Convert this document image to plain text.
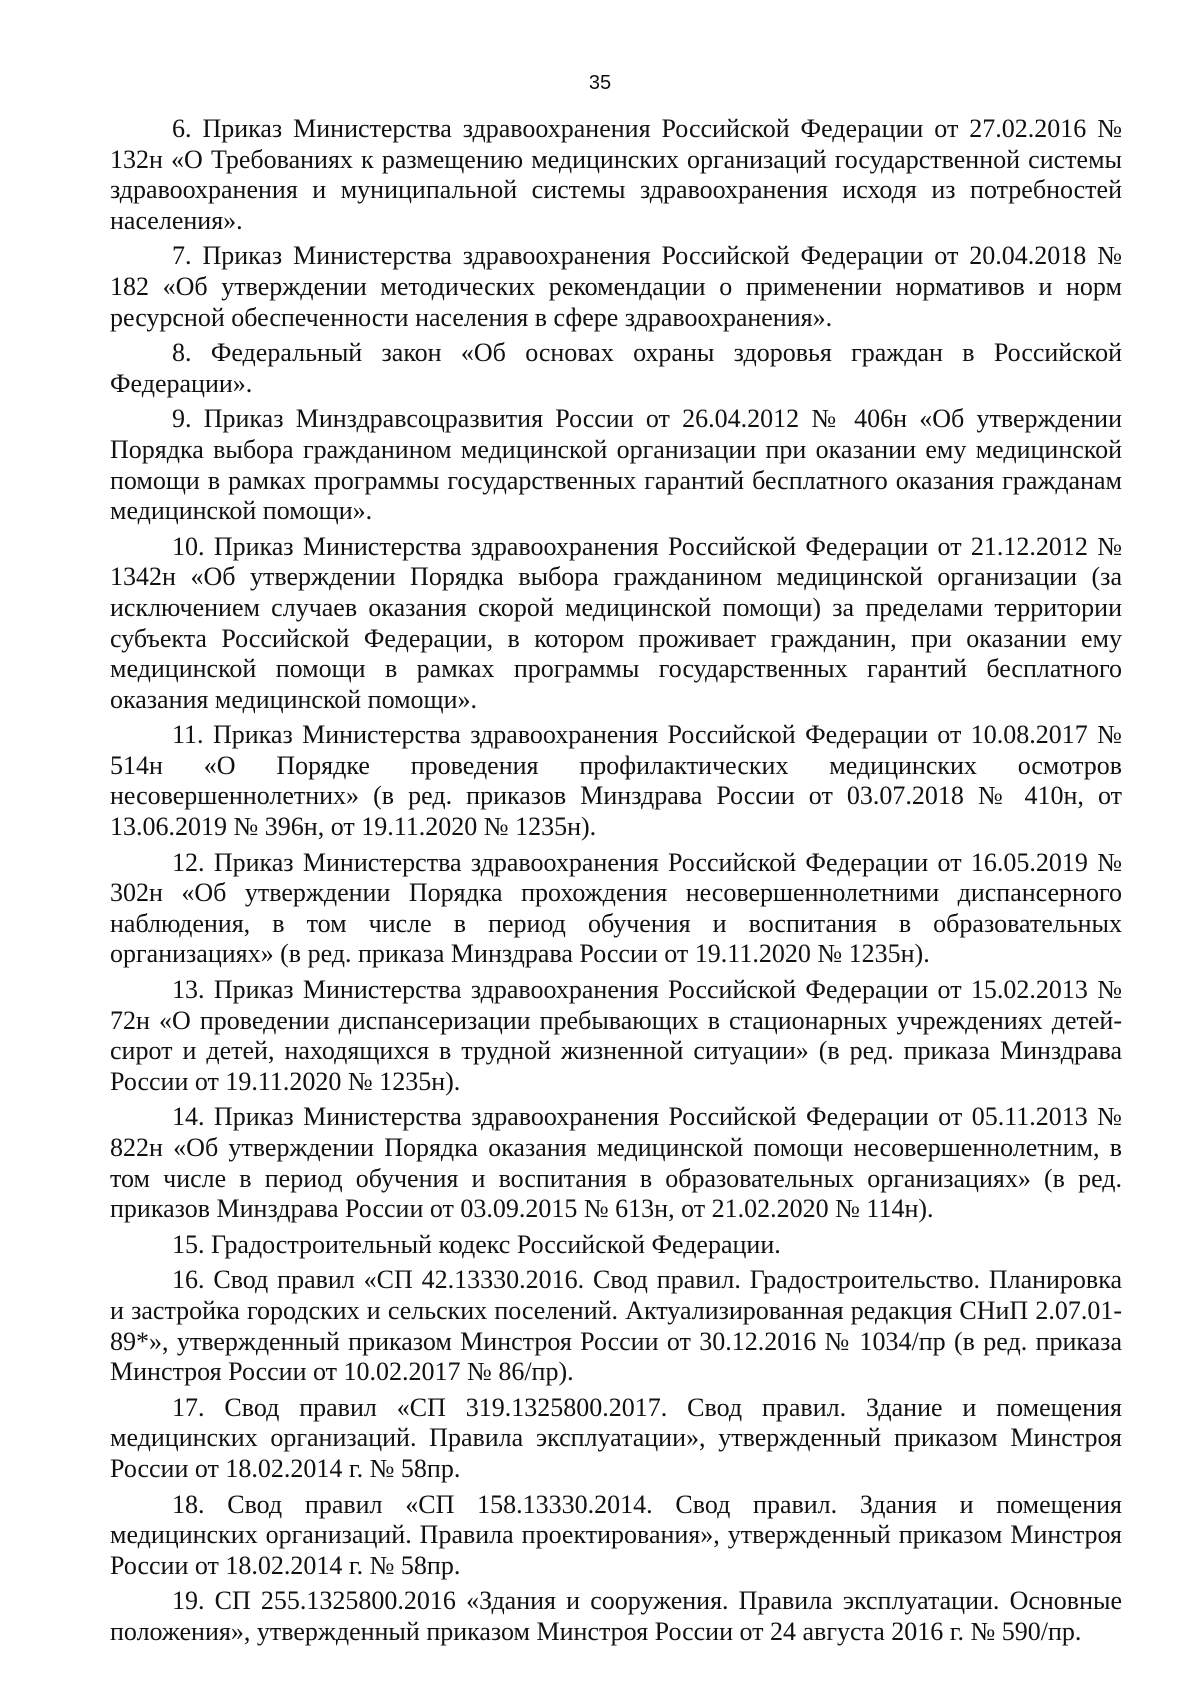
35

6. Приказ Министерства здравоохранения Российской Федерации от 27.02.2016 № 132н «О Требованиях к размещению медицинских организаций государственной системы здравоохранения и муниципальной системы здравоохранения исходя из потребностей населения».

7. Приказ Министерства здравоохранения Российской Федерации от 20.04.2018 № 182 «Об утверждении методических рекомендации о применении нормативов и норм ресурсной обеспеченности населения в сфере здравоохранения».

8. Федеральный закон «Об основах охраны здоровья граждан в Российской Федерации».

9. Приказ Минздравсоцразвития России от 26.04.2012 № 406н «Об утверждении Порядка выбора гражданином медицинской организации при оказании ему медицинской помощи в рамках программы государственных гарантий бесплатного оказания гражданам медицинской помощи».

10. Приказ Министерства здравоохранения Российской Федерации от 21.12.2012 № 1342н «Об утверждении Порядка выбора гражданином медицинской организации (за исключением случаев оказания скорой медицинской помощи) за пределами территории субъекта Российской Федерации, в котором проживает гражданин, при оказании ему медицинской помощи в рамках программы государственных гарантий бесплатного оказания медицинской помощи».

11. Приказ Министерства здравоохранения Российской Федерации от 10.08.2017 № 514н «О Порядке проведения профилактических медицинских осмотров несовершеннолетних» (в ред. приказов Минздрава России от 03.07.2018 № 410н, от 13.06.2019 № 396н, от 19.11.2020 № 1235н).

12. Приказ Министерства здравоохранения Российской Федерации от 16.05.2019 № 302н «Об утверждении Порядка прохождения несовершеннолетними диспансерного наблюдения, в том числе в период обучения и воспитания в образовательных организациях» (в ред. приказа Минздрава России от 19.11.2020 № 1235н).

13. Приказ Министерства здравоохранения Российской Федерации от 15.02.2013 № 72н «О проведении диспансеризации пребывающих в стационарных учреждениях детей-сирот и детей, находящихся в трудной жизненной ситуации» (в ред. приказа Минздрава России от 19.11.2020 № 1235н).

14. Приказ Министерства здравоохранения Российской Федерации от 05.11.2013 № 822н «Об утверждении Порядка оказания медицинской помощи несовершеннолетним, в том числе в период обучения и воспитания в образовательных организациях» (в ред. приказов Минздрава России от 03.09.2015 № 613н, от 21.02.2020 № 114н).

15. Градостроительный кодекс Российской Федерации.

16. Свод правил «СП 42.13330.2016. Свод правил. Градостроительство. Планировка и застройка городских и сельских поселений. Актуализированная редакция СНиП 2.07.01-89*», утвержденный приказом Минстроя России от 30.12.2016 № 1034/пр (в ред. приказа Минстроя России от 10.02.2017 № 86/пр).

17. Свод правил «СП 319.1325800.2017. Свод правил. Здание и помещения медицинских организаций. Правила эксплуатации», утвержденный приказом Минстроя России от 18.02.2014 г. № 58пр.

18. Свод правил «СП 158.13330.2014. Свод правил. Здания и помещения медицинских организаций. Правила проектирования», утвержденный приказом Минстроя России от 18.02.2014 г. № 58пр.

19. СП 255.1325800.2016 «Здания и сооружения. Правила эксплуатации. Основные положения», утвержденный приказом Минстроя России от 24 августа 2016 г. № 590/пр.
